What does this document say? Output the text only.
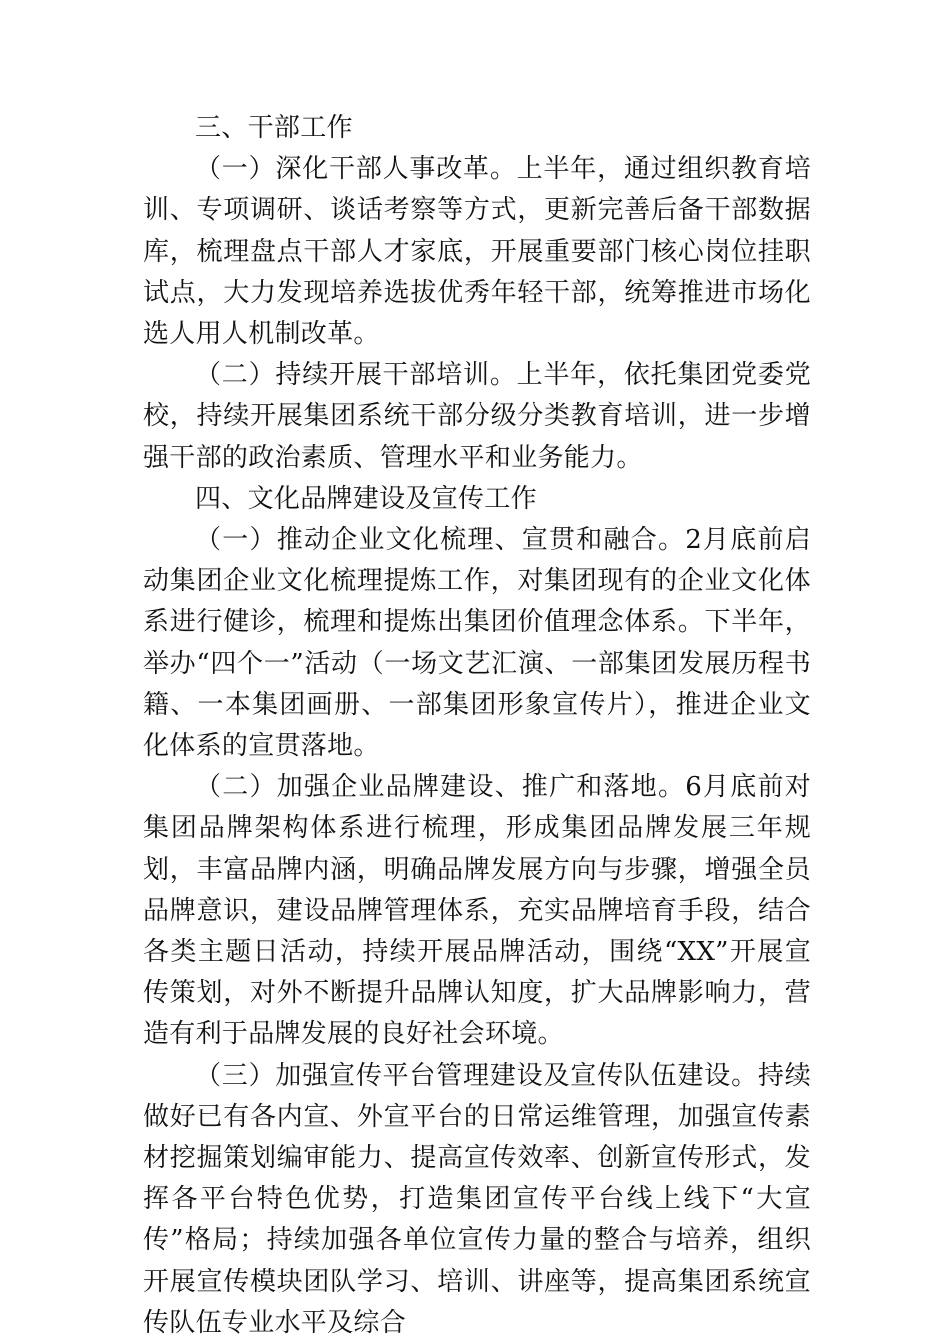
三、干部工作

（一）深化干部人事改革。上半年，通过组织教育培训、专项调研、谈话考察等方式，更新完善后备干部数据库，梳理盘点干部人才家底，开展重要部门核心岗位挂职试点，大力发现培养选拔优秀年轻干部，统筹推进市场化选人用人机制改革。

（二）持续开展干部培训。上半年，依托集团党委党校，持续开展集团系统干部分级分类教育培训，进一步增强干部的政治素质、管理水平和业务能力。

四、文化品牌建设及宣传工作

（一）推动企业文化梳理、宣贯和融合。2月底前启动集团企业文化梳理提炼工作，对集团现有的企业文化体系进行健诊，梳理和提炼出集团价值理念体系。下半年，举办“四个一”活动（一场文艺汇演、一部集团发展历程书籍、一本集团画册、一部集团形象宣传片），推进企业文化体系的宣贯落地。

（二）加强企业品牌建设、推广和落地。6月底前对集团品牌架构体系进行梳理，形成集团品牌发展三年规划，丰富品牌内涵，明确品牌发展方向与步骤，增强全员品牌意识，建设品牌管理体系，充实品牌培育手段，结合各类主题日活动，持续开展品牌活动，围绕“XX”开展宣传策划，对外不断提升品牌认知度，扩大品牌影响力，营造有利于品牌发展的良好社会环境。

（三）加强宣传平台管理建设及宣传队伍建设。持续做好已有各内宣、外宣平台的日常运维管理，加强宣传素材挖掘策划编审能力、提高宣传效率、创新宣传形式，发挥各平台特色优势，打造集团宣传平台线上线下“大宣传”格局；持续加强各单位宣传力量的整合与培养，组织开展宣传模块团队学习、培训、讲座等，提高集团系统宣传队伍专业水平及综合
